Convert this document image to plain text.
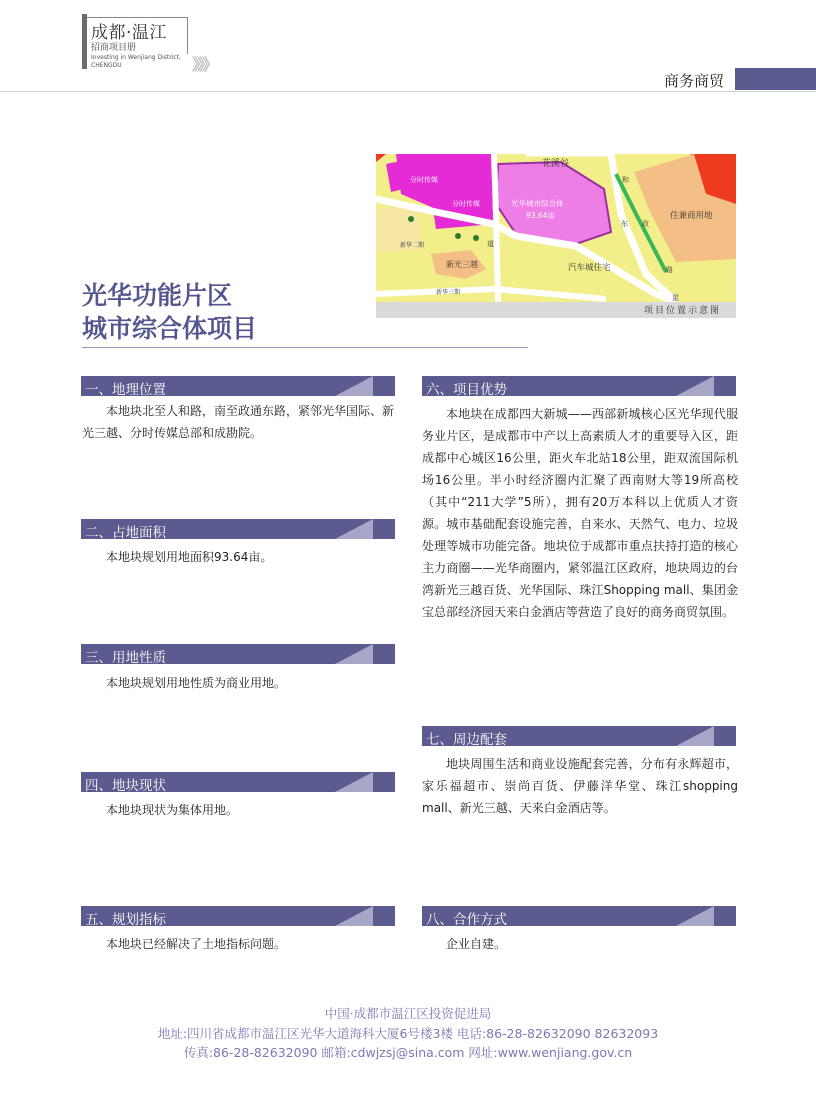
成都·温江
招商项目册
Investing in Wenjiang District,
CHENGDU	》》》
商务商贸
花溪谷
光华城市综合体
93.64亩
分时传媒
分时传媒
住兼商用地
汽车城住宅
新光三越
新华二期
新华三期
和
路
东 政
星
道
项目位置示意图
光华功能片区
城市综合体项目
一、地理位置
本地块北至人和路，南至政通东路，紧邻光华国际、新光三越、分时传媒总部和成勘院。
二、占地面积
本地块规划用地面积93.64亩。
三、用地性质
本地块规划用地性质为商业用地。
四、地块现状
本地块现状为集体用地。
五、规划指标
本地块已经解决了土地指标问题。
六、项目优势
本地块在成都四大新城——西部新城核心区光华现代服务业片区，是成都市中产以上高素质人才的重要导入区，距成都中心城区16公里，距火车北站18公里，距双流国际机场16公里。半小时经济圈内汇聚了西南财大等19所高校（其中“211大学”5所），拥有20万本科以上优质人才资源。城市基础配套设施完善，自来水、天然气、电力、垃圾处理等城市功能完备。地块位于成都市重点扶持打造的核心主力商圈——光华商圈内，紧邻温江区政府，地块周边的台湾新光三越百货、光华国际、珠江Shopping mall、集团金宝总部经济园天来白金酒店等营造了良好的商务商贸氛围。
七、周边配套
地块周围生活和商业设施配套完善，分布有永辉超市，家乐福超市、崇尚百货、伊藤洋华堂、珠江shopping mall、新光三越、天来白金酒店等。
八、合作方式
企业自建。
中国·成都市温江区投资促进局
地址:四川省成都市温江区光华大道海科大厦6号楼3楼 电话:86-28-82632090 82632093
传真:86-28-82632090 邮箱:cdwjzsj@sina.com 网址:www.wenjiang.gov.cn
